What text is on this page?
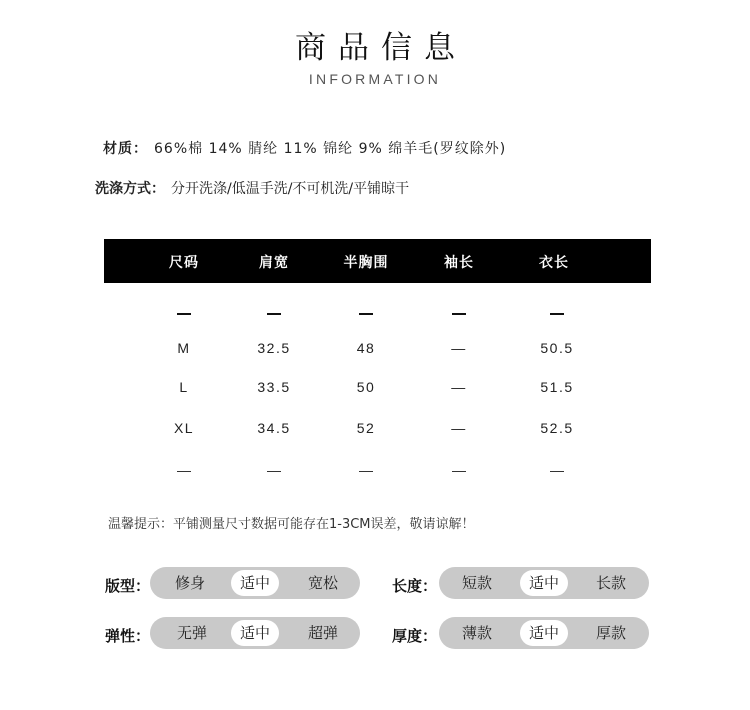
商品信息
INFORMATION
材质： 66%棉 14% 腈纶 11% 锦纶 9% 绵羊毛(罗纹除外)
洗涤方式： 分开洗涤/低温手洗/不可机洗/平铺晾干
尺码	肩宽	半胸围	袖长	衣长
M	32.5	48	—	50.5
L	33.5	50	—	51.5
XL	34.5	52	—	52.5
温馨提示：平铺测量尺寸数据可能存在1-3CM误差，敬请谅解！
版型： 修身	适中	宽松	长度： 短款	适中	长款
弹性： 无弹	适中	超弹	厚度： 薄款	适中	厚款
